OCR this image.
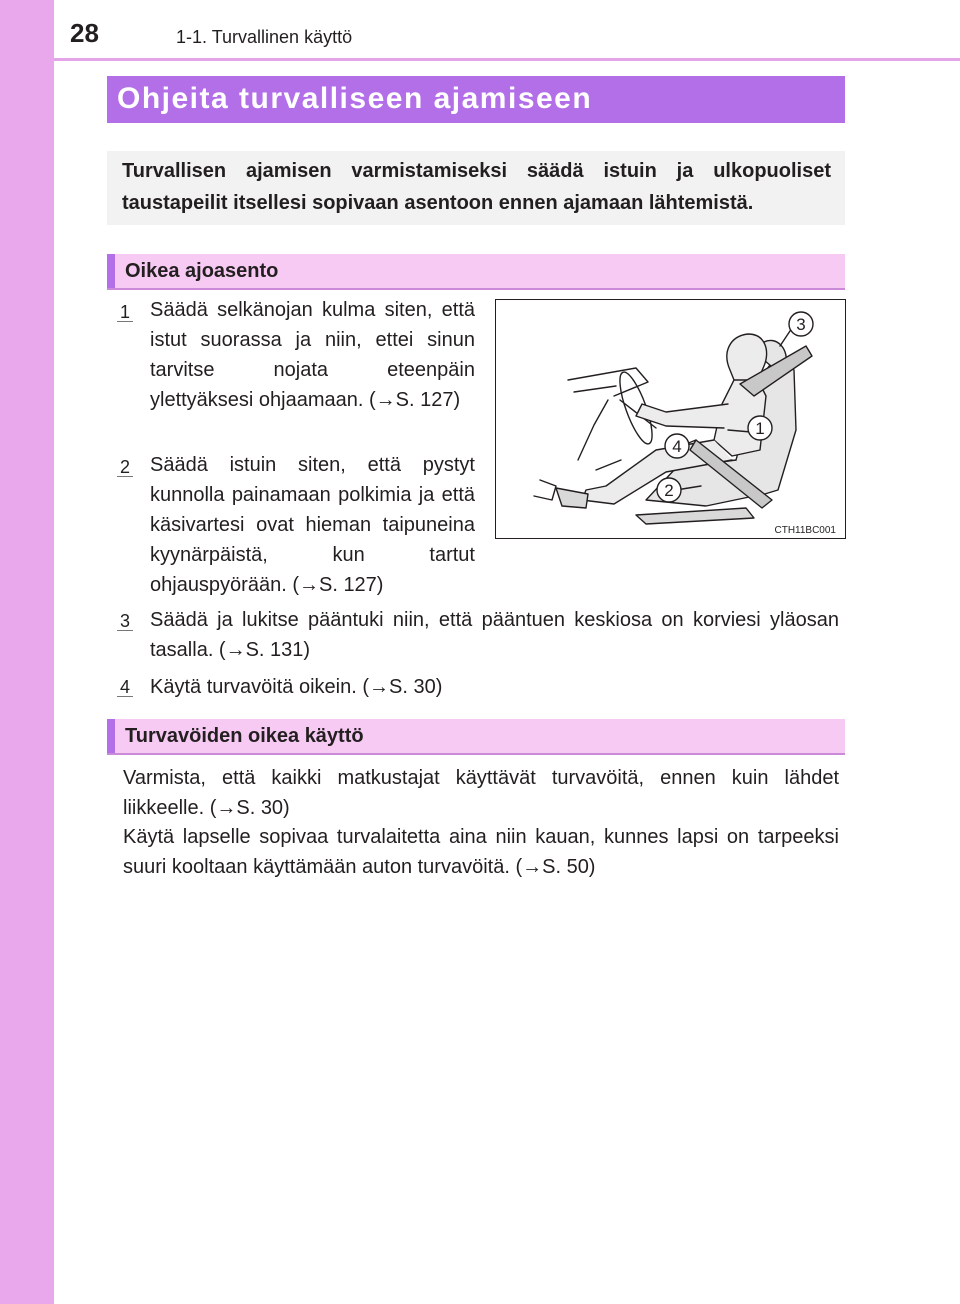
28	1-1. Turvallinen käyttö
Ohjeita turvalliseen ajamiseen

Turvallisen ajamisen varmistamiseksi säädä istuin ja ulkopuoliset taustapeilit itsellesi sopivaan asentoon ennen ajamaan lähtemistä.

Oikea ajoasento
1 Säädä selkänojan kulma siten, että istut suorassa ja niin, ettei sinun tarvitse nojata eteenpäin ylettyäksesi ohjaamaan. (→S. 127)

2 Säädä istuin siten, että pystyt kunnolla painamaan polkimia ja että käsivartesi ovat hieman taipuneina kyynärpäistä, kun tartut ohjauspyörään. (→S. 127)

3 Säädä ja lukitse pääntuki niin, että pääntuen keskiosa on korviesi yläosan tasalla. (→S. 131)

4 Käytä turvavöitä oikein. (→S. 30)

1
2
3
4
CTH11BC001
Turvavöiden oikea käyttö

Varmista, että kaikki matkustajat käyttävät turvavöitä, ennen kuin lähdet liikkeelle. (→S. 30)

Käytä lapselle sopivaa turvalaitetta aina niin kauan, kunnes lapsi on tarpeeksi suuri kooltaan käyttämään auton turvavöitä. (→S. 50)
